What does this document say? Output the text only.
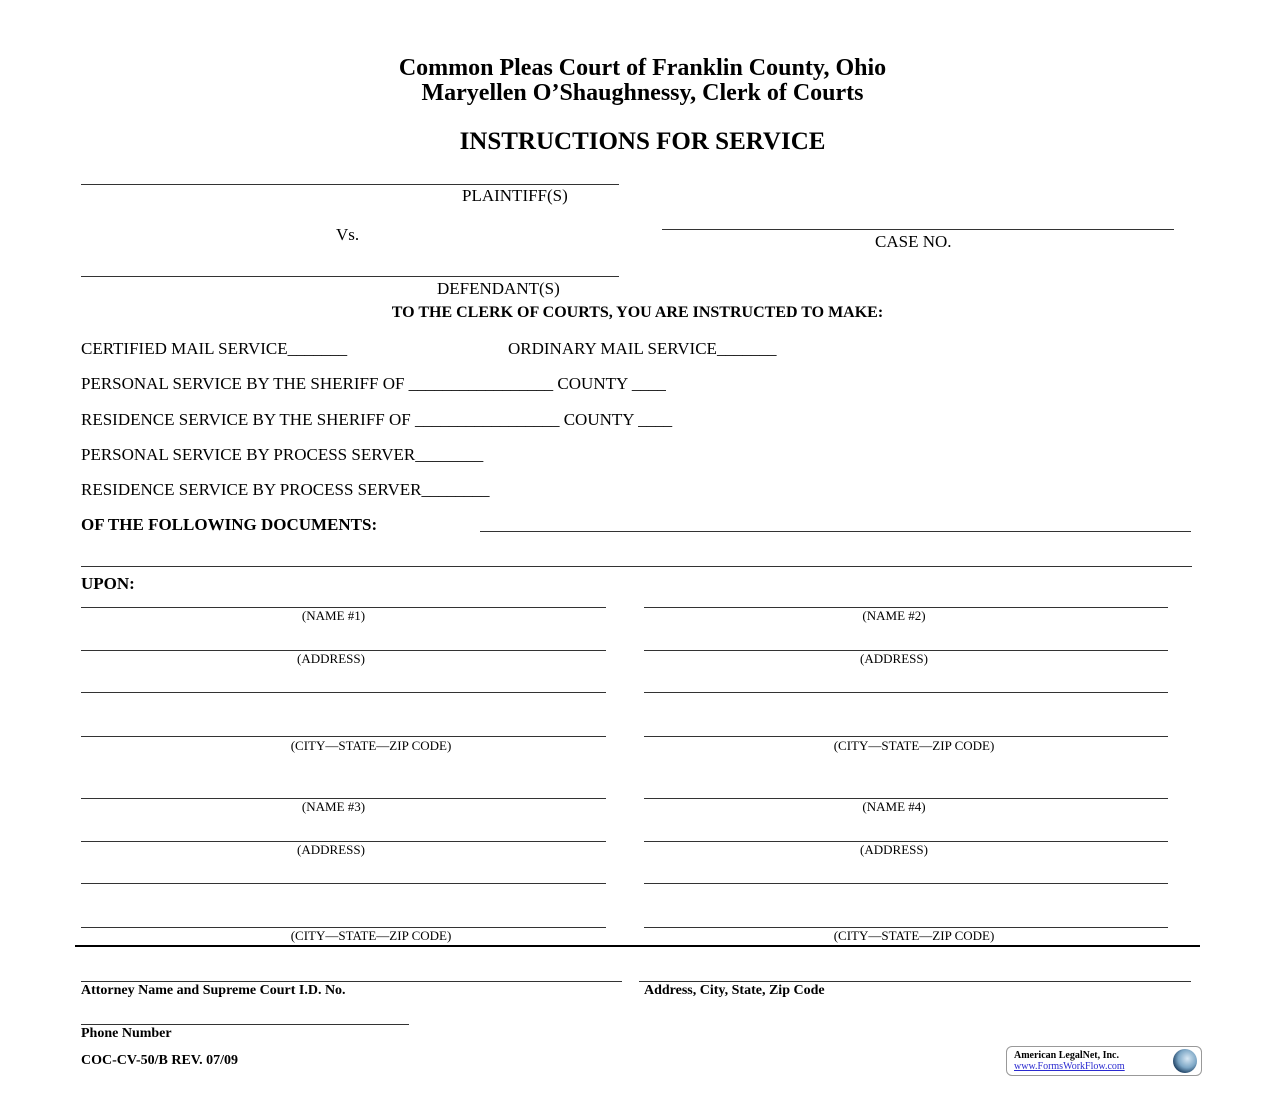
Common Pleas Court of Franklin County, Ohio
Maryellen O’Shaughnessy, Clerk of Courts
INSTRUCTIONS FOR SERVICE
PLAINTIFF(S)
Vs.	CASE NO.
DEFENDANT(S)
TO THE CLERK OF COURTS, YOU ARE INSTRUCTED TO MAKE:
CERTIFIED MAIL SERVICE_______	ORDINARY MAIL SERVICE_______
PERSONAL SERVICE BY THE SHERIFF OF _________________ COUNTY ____
RESIDENCE SERVICE BY THE SHERIFF OF _________________ COUNTY ____
PERSONAL SERVICE BY PROCESS SERVER________
RESIDENCE SERVICE BY PROCESS SERVER________
OF THE FOLLOWING DOCUMENTS:
UPON:
(NAME #1)
(ADDRESS)
(CITY—STATE—ZIP CODE)
(NAME #2)
(ADDRESS)
(CITY—STATE—ZIP CODE)
(NAME #3)
(ADDRESS)
(CITY—STATE—ZIP CODE)
(NAME #4)
(ADDRESS)
(CITY—STATE—ZIP CODE)
Attorney Name and Supreme Court I.D. No.	Address, City, State, Zip Code
Phone Number
COC-CV-50/B REV. 07/09	American LegalNet, Inc.
www.FormsWorkFlow.com
